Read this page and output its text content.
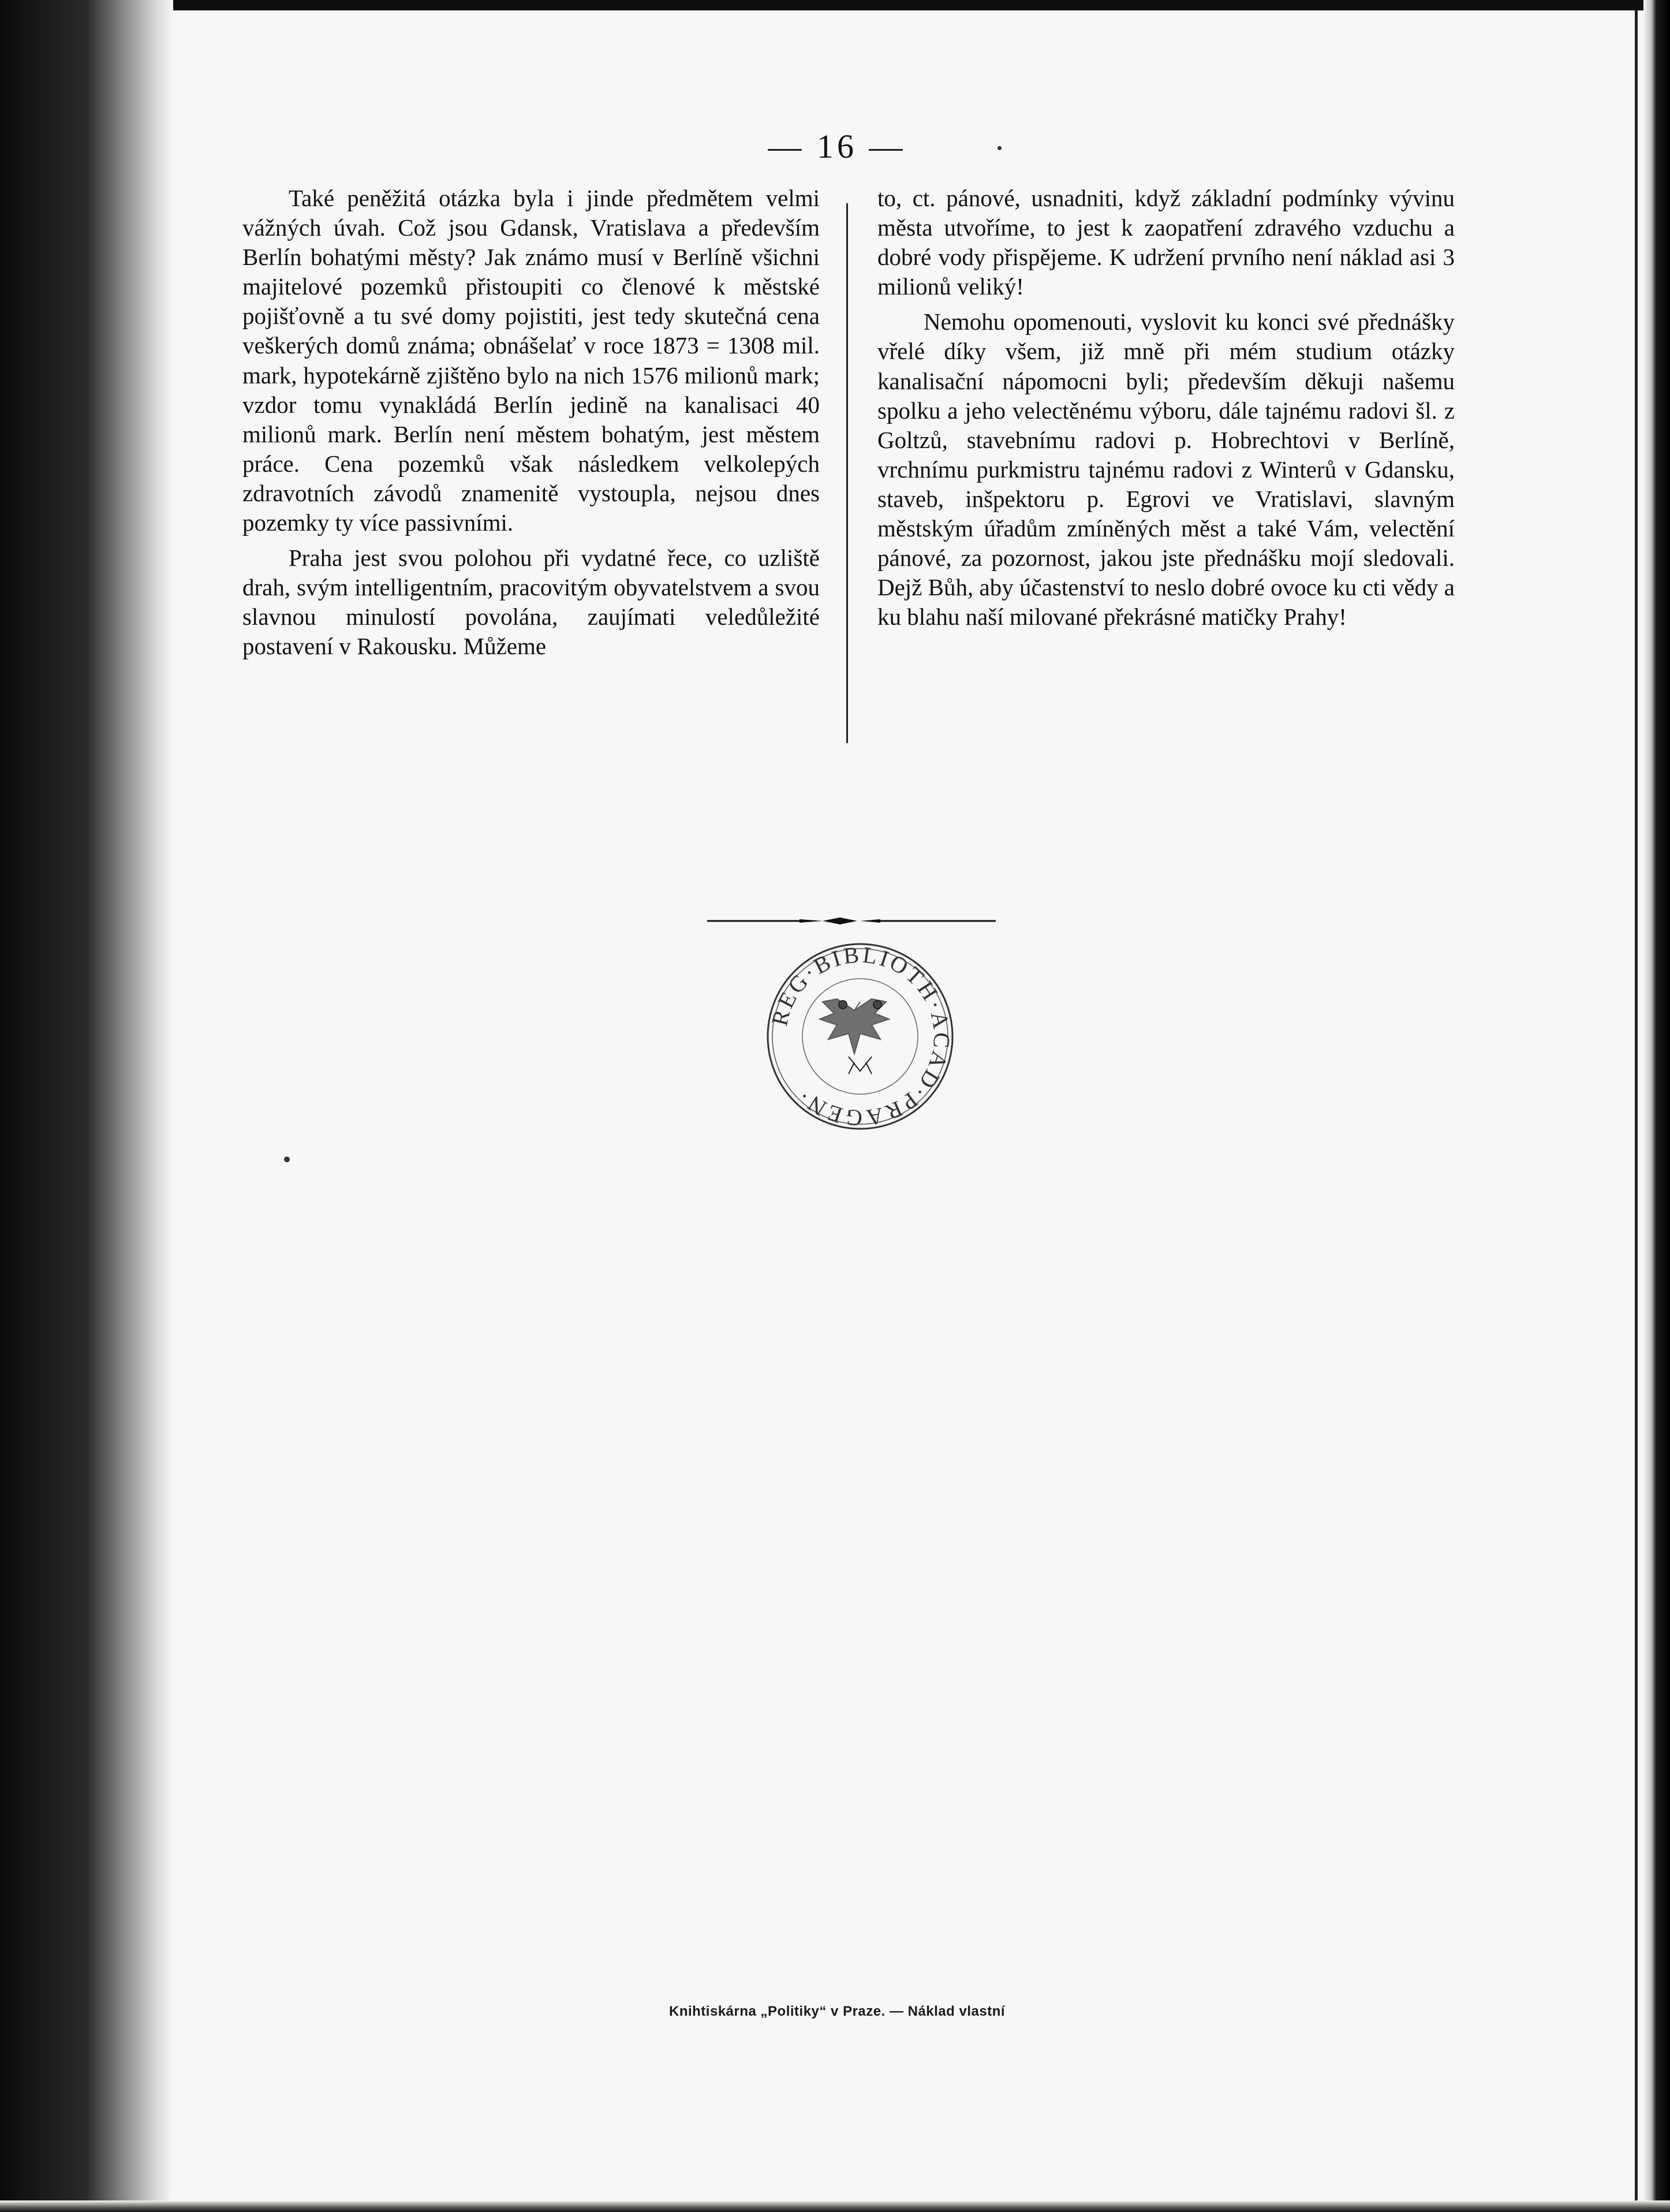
— 16 —

Také peněžitá otázka byla i jinde předmětem velmi vážných úvah. Což jsou Gdansk, Vratislava a především Berlín bohatými městy? Jak známo musí v Berlíně všichni majitelové pozemků přistoupiti co členové k městské pojišťovně a tu své domy pojistiti, jest tedy skutečná cena veškerých domů známa; obnášelať v roce 1873 = 1308 mil. mark, hypotekárně zjištěno bylo na nich 1576 milionů mark; vzdor tomu vynakládá Berlín jedině na kanalisaci 40 milionů mark. Berlín není městem bohatým, jest městem práce. Cena pozemků však následkem velkolepých zdravotních závodů znamenitě vystoupla, nejsou dnes pozemky ty více passivními.

Praha jest svou polohou při vydatné řece, co uzliště drah, svým intelligentním, pracovitým obyvatelstvem a svou slavnou minulostí povolána, zaujímati veledůležité postavení v Rakousku. Můžeme

to, ct. pánové, usnadniti, když základní podmínky vývinu města utvoříme, to jest k zaopatření zdravého vzduchu a dobré vody přispějeme. K udržení prvního není náklad asi 3 milionů veliký!

Nemohu opomenouti, vyslovit ku konci své přednášky vřelé díky všem, již mně při mém studium otázky kanalisační nápomocni byli; především děkuji našemu spolku a jeho velectěnému výboru, dále tajnému radovi šl. z Goltzů, stavebnímu radovi p. Hobrechtovi v Berlíně, vrchnímu purkmistru tajnému radovi z Winterů v Gdansku, staveb, inšpektoru p. Egrovi ve Vratislavi, slavným městským úřadům zmíněných měst a také Vám, velectění pánové, za pozornost, jakou jste přednášku mojí sledovali. Dejž Bůh, aby účastenství to neslo dobré ovoce ku cti vědy a ku blahu naší milované překrásné matičky Prahy!

REG·BIBLIOTH·ACAD·PRAGEN·
Knihtiskárna „Politiky“ v Praze. — Náklad vlastní
